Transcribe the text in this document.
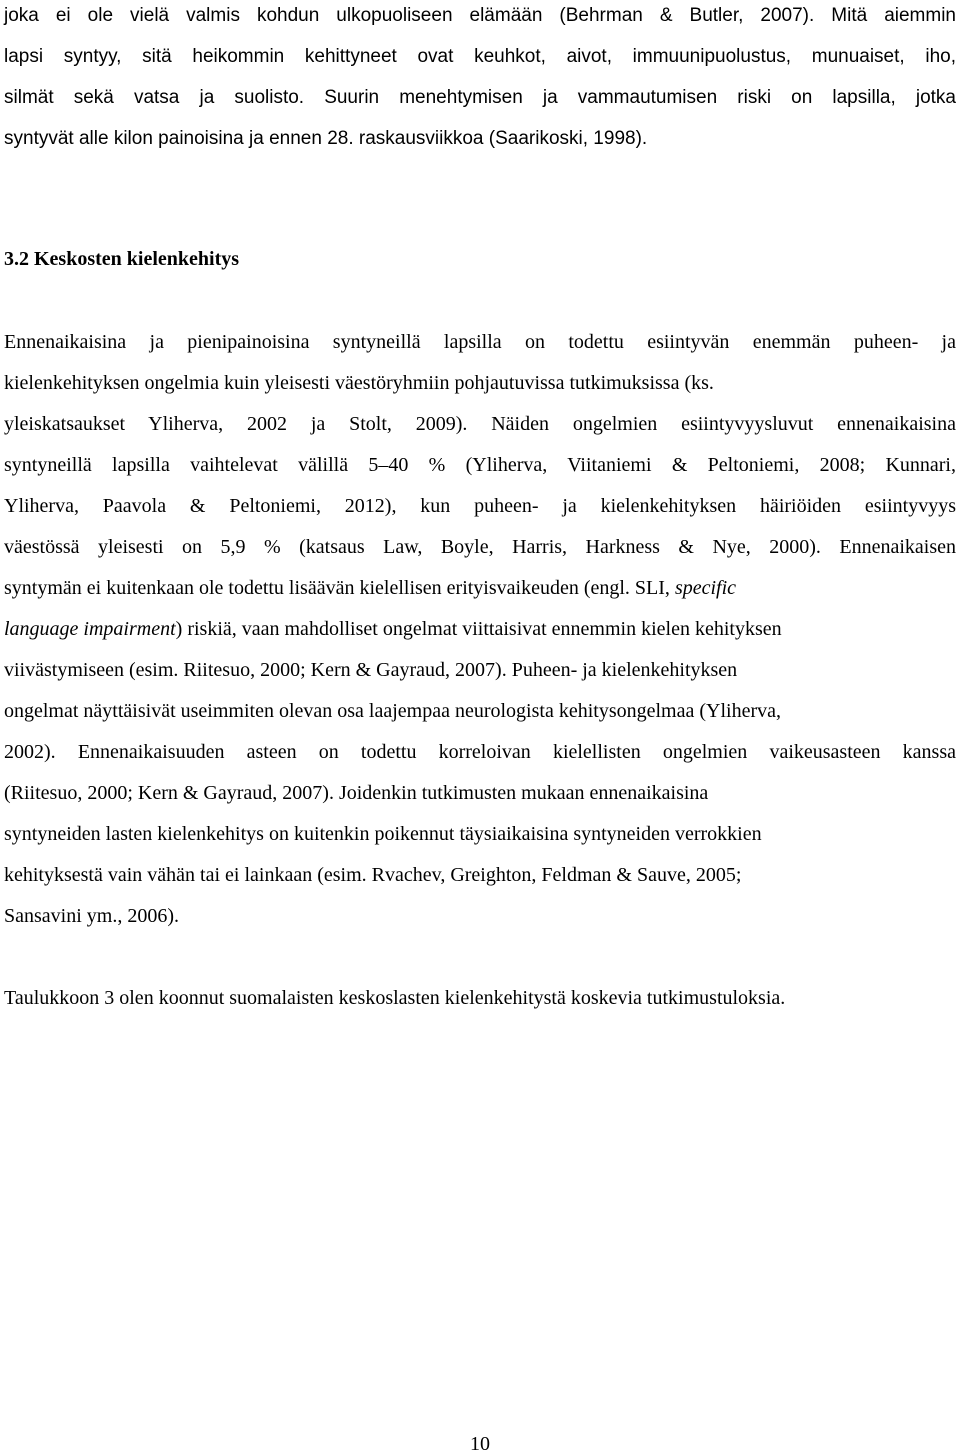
joka ei ole vielä valmis kohdun ulkopuoliseen elämään (Behrman & Butler, 2007). Mitä aiemmin
lapsi syntyy, sitä heikommin kehittyneet ovat keuhkot, aivot, immuunipuolustus, munuaiset, iho,
silmät sekä vatsa ja suolisto. Suurin menehtymisen ja vammautumisen riski on lapsilla, jotka
syntyvät alle kilon painoisina ja ennen 28. raskausviikkoa (Saarikoski, 1998).
3.2 Keskosten kielenkehitys
Ennenaikaisina ja pienipainoisina syntyneillä lapsilla on todettu esiintyvän enemmän puheen- ja
kielenkehityksen ongelmia kuin yleisesti väestöryhmiin pohjautuvissa tutkimuksissa (ks.
yleiskatsaukset Yliherva, 2002 ja Stolt, 2009). Näiden ongelmien esiintyvyysluvut ennenaikaisina
syntyneillä lapsilla vaihtelevat välillä 5–40 % (Yliherva, Viitaniemi & Peltoniemi, 2008; Kunnari,
Yliherva, Paavola & Peltoniemi, 2012), kun puheen- ja kielenkehityksen häiriöiden esiintyvyys
väestössä yleisesti on 5,9 % (katsaus Law, Boyle, Harris, Harkness & Nye, 2000). Ennenaikaisen
syntymän ei kuitenkaan ole todettu lisäävän kielellisen erityisvaikeuden (engl. SLI, specific
language impairment) riskiä, vaan mahdolliset ongelmat viittaisivat ennemmin kielen kehityksen
viivästymiseen (esim. Riitesuo, 2000; Kern & Gayraud, 2007). Puheen- ja kielenkehityksen
ongelmat näyttäisivät useimmiten olevan osa laajempaa neurologista kehitysongelmaa (Yliherva,
2002). Ennenaikaisuuden asteen on todettu korreloivan kielellisten ongelmien vaikeusasteen kanssa
(Riitesuo, 2000; Kern & Gayraud, 2007). Joidenkin tutkimusten mukaan ennenaikaisina
syntyneiden lasten kielenkehitys on kuitenkin poikennut täysiaikaisina syntyneiden verrokkien
kehityksestä vain vähän tai ei lainkaan (esim. Rvachev, Greighton, Feldman & Sauve, 2005;
Sansavini ym., 2006).
Taulukkoon 3 olen koonnut suomalaisten keskoslasten kielenkehitystä koskevia tutkimustuloksia.
10
